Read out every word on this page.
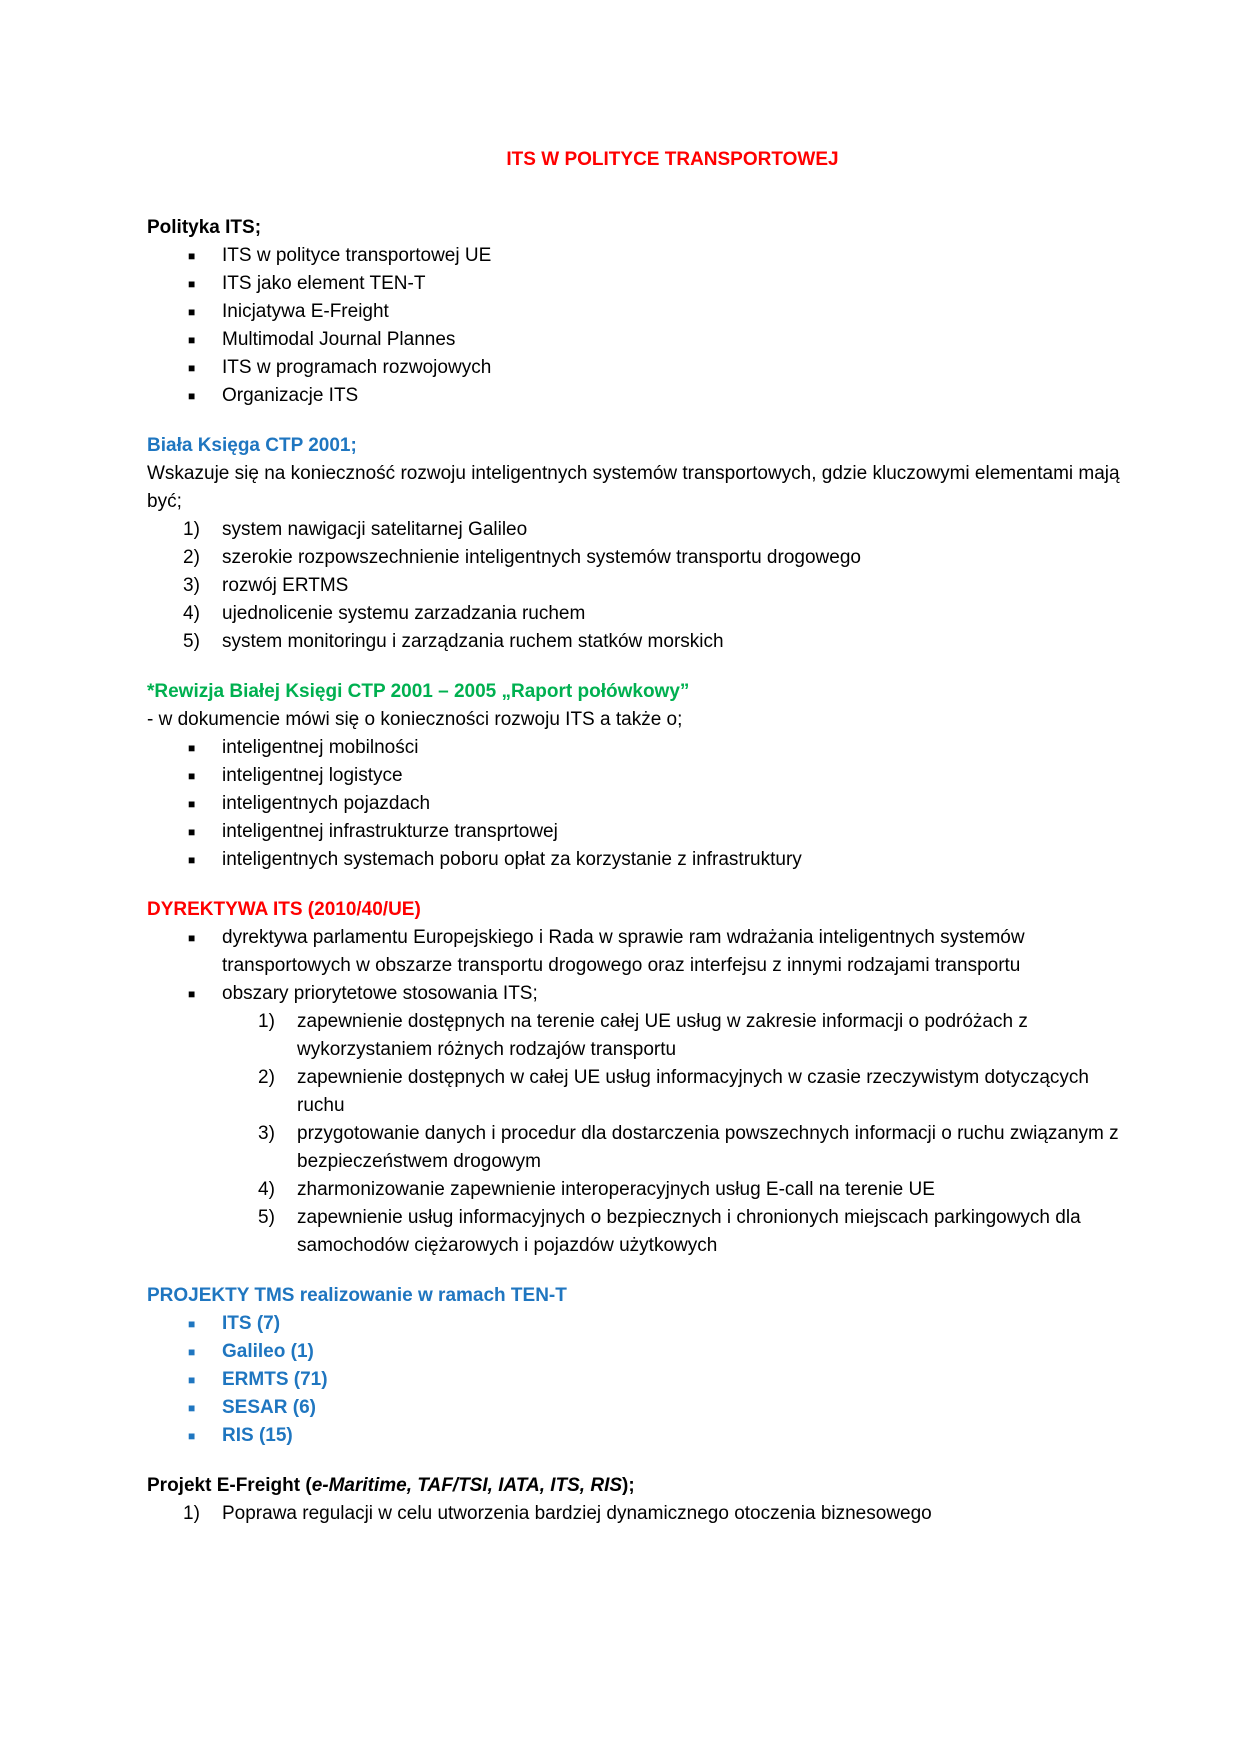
ITS W POLITYCE TRANSPORTOWEJ

Polityka ITS;

■ ITS w polityce transportowej UE
■ ITS jako element TEN-T
■ Inicjatywa E-Freight
■ Multimodal Journal Plannes
■ ITS w programach rozwojowych
■ Organizacje ITS

Biała Księga CTP 2001;

Wskazuje się na konieczność rozwoju inteligentnych systemów transportowych, gdzie kluczowymi elementami mają być;

1) system nawigacji satelitarnej Galileo
2) szerokie rozpowszechnienie inteligentnych systemów transportu drogowego
3) rozwój ERTMS
4) ujednolicenie systemu zarzadzania ruchem
5) system monitoringu i zarządzania ruchem statków morskich

*Rewizja Białej Księgi CTP 2001 – 2005 „Raport połówkowy”

- w dokumencie mówi się o konieczności rozwoju ITS a także o;

■ inteligentnej mobilności
■ inteligentnej logistyce
■ inteligentnych pojazdach
■ inteligentnej infrastrukturze transprtowej
■ inteligentnych systemach poboru opłat za korzystanie z infrastruktury

DYREKTYWA ITS (2010/40/UE)

■ dyrektywa parlamentu Europejskiego i Rada w sprawie ram wdrażania inteligentnych systemów transportowych w obszarze transportu drogowego oraz interfejsu z innymi rodzajami transportu
■ obszary priorytetowe stosowania ITS;
1) zapewnienie dostępnych na terenie całej UE usług w zakresie informacji o podróżach z wykorzystaniem różnych rodzajów transportu
2) zapewnienie dostępnych w całej UE usług informacyjnych w czasie rzeczywistym dotyczących ruchu
3) przygotowanie danych i procedur dla dostarczenia powszechnych informacji o ruchu związanym z bezpieczeństwem drogowym
4) zharmonizowanie zapewnienie interoperacyjnych usług E-call na terenie UE
5) zapewnienie usług informacyjnych o bezpiecznych i chronionych miejscach parkingowych dla samochodów ciężarowych i pojazdów użytkowych

PROJEKTY TMS realizowanie w ramach TEN-T

■ ITS (7)
■ Galileo (1)
■ ERMTS (71)
■ SESAR (6)
■ RIS (15)

Projekt E-Freight (e-Maritime, TAF/TSI, IATA, ITS, RIS);

1) Poprawa regulacji w celu utworzenia bardziej dynamicznego otoczenia biznesowego
